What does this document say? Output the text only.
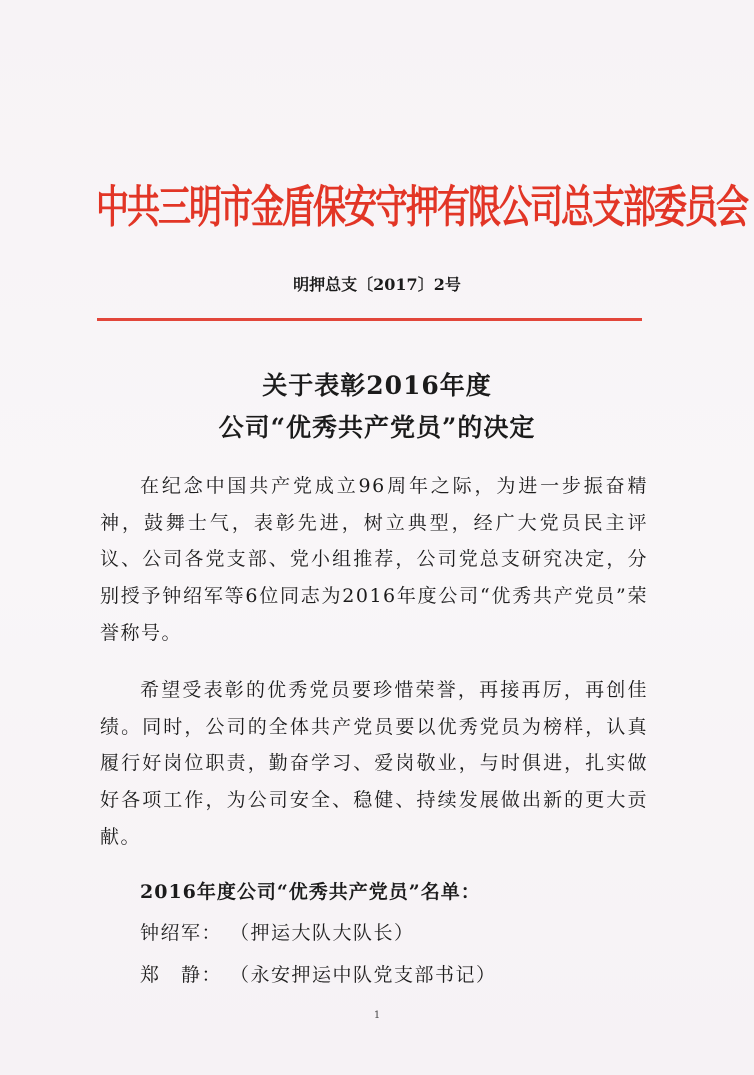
中共三明市金盾保安守押有限公司总支部委员会
明押总支〔2017〕2号
关于表彰2016年度
公司“优秀共产党员”的决定
在纪念中国共产党成立96周年之际，为进一步振奋精神，鼓舞士气，表彰先进，树立典型，经广大党员民主评议、公司各党支部、党小组推荐，公司党总支研究决定，分别授予钟绍军等6位同志为2016年度公司“优秀共产党员”荣誉称号。
希望受表彰的优秀党员要珍惜荣誉，再接再厉，再创佳绩。同时，公司的全体共产党员要以优秀党员为榜样，认真履行好岗位职责，勤奋学习、爱岗敬业，与时俱进，扎实做好各项工作，为公司安全、稳健、持续发展做出新的更大贡献。
2016年度公司“优秀共产党员”名单：
钟绍军： （押运大队大队长）
郑　静： （永安押运中队党支部书记）
1
